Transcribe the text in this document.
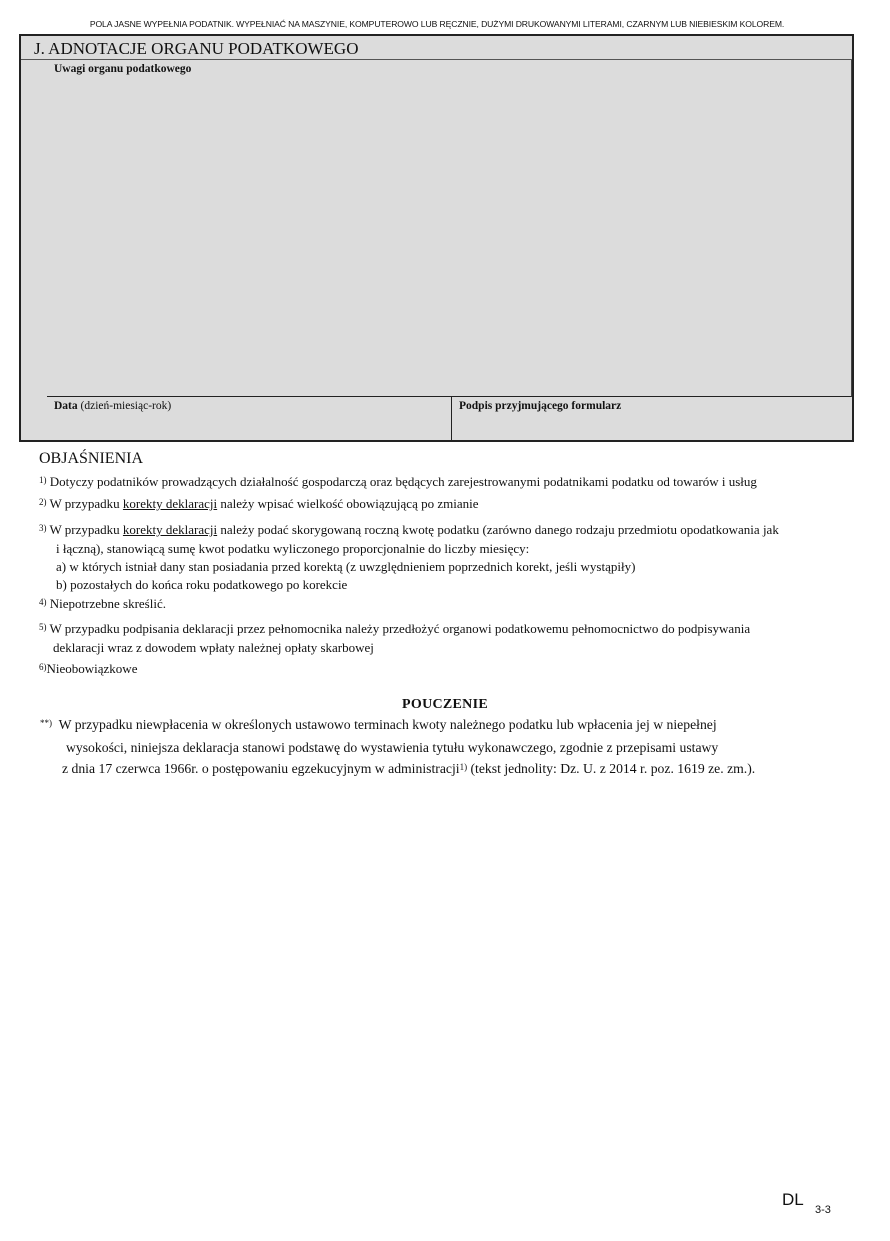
POLA JASNE WYPEŁNIA PODATNIK. WYPEŁNIAĆ NA MASZYNIE, KOMPUTEROWO LUB RĘCZNIE, DUŻYMI DRUKOWANYMI LITERAMI, CZARNYM LUB NIEBIESKIM KOLOREM.
J. ADNOTACJE ORGANU PODATKOWEGO
Uwagi organu podatkowego
Data (dzień-miesiąc-rok)	Podpis przyjmującego formularz
OBJAŚNIENIA
$^{1)}$ Dotyczy podatników prowadzących działalność gospodarczą oraz będących zarejestrowanymi podatnikami podatku od towarów i usług
$^{2)}$ W przypadku korekty deklaracji należy wpisać wielkość obowiązującą po zmianie
$^{3)}$ W przypadku korekty deklaracji należy podać skorygowaną roczną kwotę podatku (zarówno danego rodzaju przedmiotu opodatkowania jak
i łączną), stanowiącą sumę kwot podatku wyliczonego proporcjonalnie do liczby miesięcy:
a) w których istniał dany stan posiadania przed korektą (z uwzględnieniem poprzednich korekt, jeśli wystąpiły)
b) pozostałych do końca roku podatkowego po korekcie
$^{4)}$ Niepotrzebne skreślić.
$^{5)}$ W przypadku podpisania deklaracji przez pełnomocnika należy przedłożyć organowi podatkowemu pełnomocnictwo do podpisywania
deklaracji wraz z dowodem wpłaty należnej opłaty skarbowej
$^{6)}$Nieobowiązkowe
POUCZENIE
**) W przypadku niewpłacenia w określonych ustawowo terminach kwoty należnego podatku lub wpłacenia jej w niepełnej
wysokości, niniejsza deklaracja stanowi podstawę do wystawienia tytułu wykonawczego, zgodnie z przepisami ustawy
z dnia 17 czerwca 1966r. o postępowaniu egzekucyjnym w administracji$^{1)}$ (tekst jednolity: Dz. U. z 2014 r. poz. 1619 ze. zm.).
DL
3-3
